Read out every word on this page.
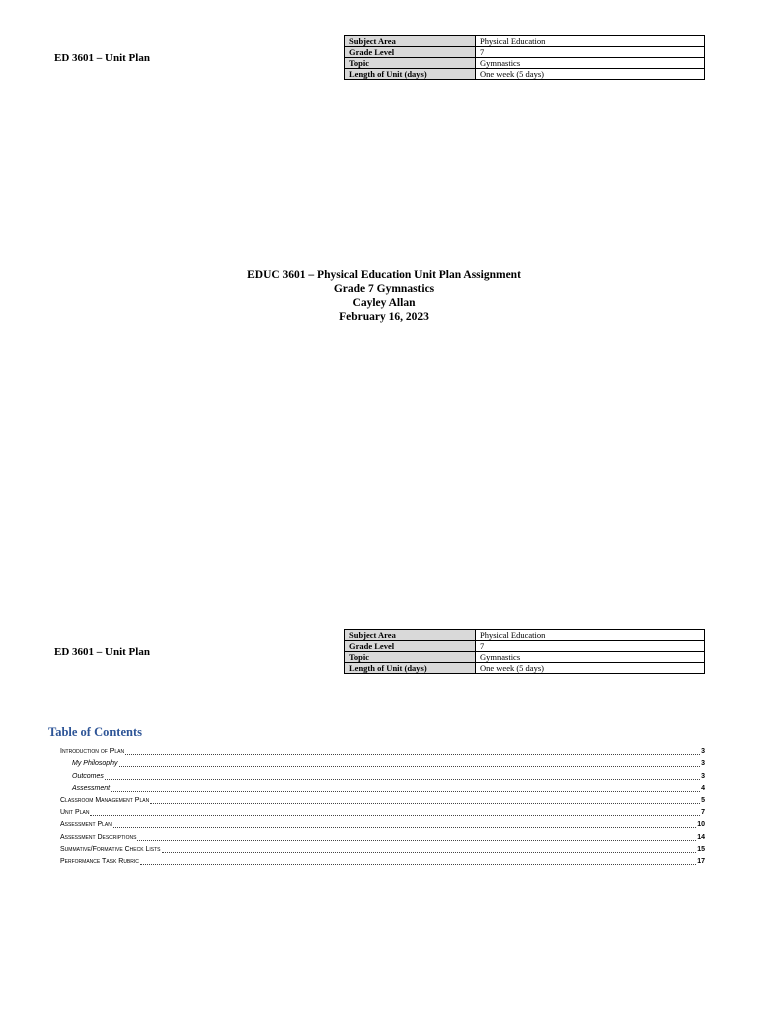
ED 3601 – Unit Plan
Subject Area	Physical Education
Grade Level	7
Topic	Gymnastics
Length of Unit (days)	One week (5 days)
EDUC 3601 – Physical Education Unit Plan Assignment
Grade 7 Gymnastics
Cayley Allan
February 16, 2023
ED 3601 – Unit Plan
Subject Area	Physical Education
Grade Level	7
Topic	Gymnastics
Length of Unit (days)	One week (5 days)
Table of Contents
Introduction of Plan	3
My Philosophy	3
Outcomes	3
Assessment	4
Classroom Management Plan	5
Unit Plan	7
Assessment Plan	10
Assessment Descriptions	14
Summative/Formative Check Lists	15
Performance Task Rubric	17
